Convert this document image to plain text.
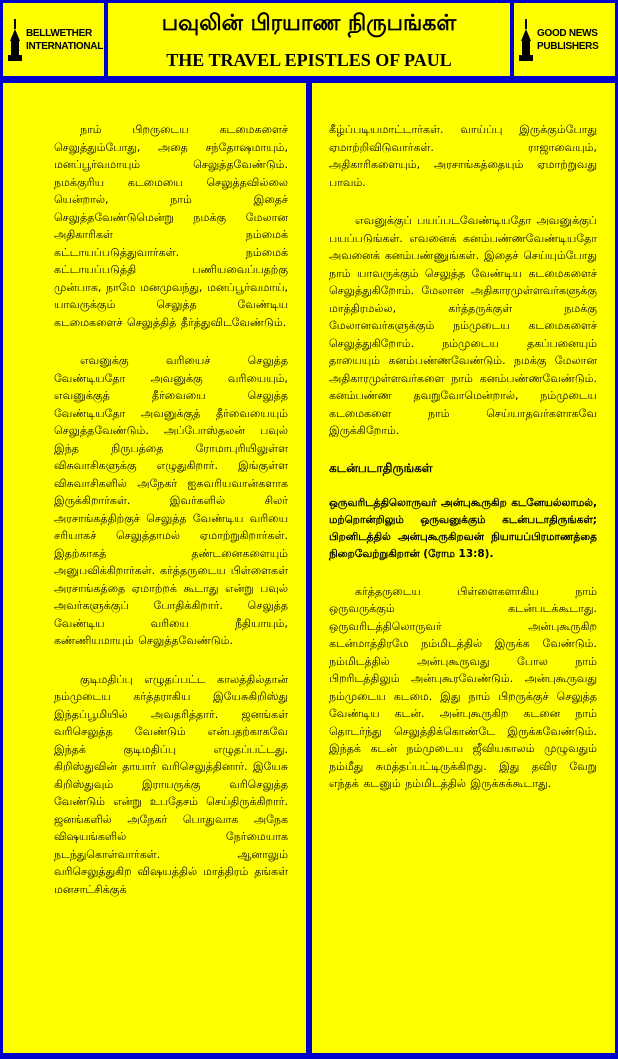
BELLWETHER
INTERNATIONAL
பவுலின் பிரயாண நிருபங்கள்
THE TRAVEL EPISTLES OF PAUL
GOOD NEWS
PUBLISHERS

நாம் பிறருடைய கடமைகளைச் செலுத்தும்போது, அதை சந்தோஷமாயும், மனப்பூர்வமாயும் செலுத்தவேண்டும். நமக்குரிய கடமையை செலுத்தவில்லை யென்றால், நாம் இதைச் செலுத்தவேண்டுமென்று நமக்கு மேலான அதிகாரிகள் நம்மைக் கட்டாயப்படுத்துவார்கள். நம்மைக் கட்டாயப்படுத்தி பணியவைப்பதற்கு முன்பாக, நாமே மனமுவந்து, மனப்பூர்வமாய், யாவருக்கும் செலுத்த வேண்டிய கடமைகளைச் செலுத்தித் தீர்த்துவிடவேண்டும்.

எவனுக்கு வரியைச் செலுத்த வேண்டியதோ அவனுக்கு வரியையும், எவனுக்குத் தீர்வையை செலுத்த வேண்டியதோ அவனுக்குத் தீர்வையையும் செலுத்தவேண்டும். அப்போஸ்தலன் பவுல் இந்த நிருபத்தை ரோமாபுரியிலுள்ள விசுவாசிகளுக்கு எழுதுகிறார். இங்குள்ள விசுவாசிகளில் அநேகர் ஐசுவரியவான்களாக இருக்கிறார்கள். இவர்களில் சிலர் அரசாங்கத்திற்குச் செலுத்த வேண்டிய வரியை சரியாகச் செலுத்தாமல் ஏமாற்றுகிறார்கள். இதற்காகத் தண்டனைகளையும் அனுபவிக்கிறார்கள். கர்த்தருடைய பிள்ளைகள் அரசாங்கத்தை ஏமாற்றக் கூடாது என்று பவுல் அவர்களுக்குப் போதிக்கிறார். செலுத்த வேண்டிய வரியை நீதியாயும், கண்ணியமாயும் செலுத்தவேண்டும்.

குடிமதிப்பு எழுதப்பட்ட காலத்தில்தான் நம்முடைய கர்த்தராகிய இயேசுகிறிஸ்து இந்தப்பூமியில் அவதரித்தார். ஜனங்கள் வரிசெலுத்த வேண்டும் என்பதற்காகவே இந்தக் குடிமதிப்பு எழுதப்பட்டது. கிறிஸ்துவின் தாயார் வரிசெலுத்தினார். இயேசு கிறிஸ்துவும் இராயருக்கு வரிசெலுத்த வேண்டும் என்று உபதேசம் செய்திருக்கிறார். ஜனங்களில் அநேகர் பொதுவாக அநேக விஷயங்களில் நேர்மையாக நடந்துகொள்வார்கள். ஆனாலும் வரிசெலுத்துகிற விஷயத்தில் மாத்திரம் தங்கள் மனசாட்சிக்குக்

கீழ்ப்படியமாட்டார்கள். வாய்ப்பு இருக்கும்போது ஏமாற்றிவிடுவார்கள். ராஜாவையும், அதிகாரிகளையும், அரசாங்கத்தையும் ஏமாற்றுவது பாவம்.

எவனுக்குப் பயப்படவேண்டியதோ அவனுக்குப் பயப்படுங்கள். எவனைக் கனம்பண்ணவேண்டியதோ அவனைக் கனம்பண்ணுங்கள். இதைச் செய்யும்போது நாம் யாவருக்கும் செலுத்த வேண்டிய கடமைகளைச் செலுத்துகிறோம். மேலான அதிகாரமுள்ளவர்களுக்கு மாத்திரமல்ல, கர்த்தருக்குள் நமக்கு மேலானவர்களுக்கும் நம்முடைய கடமைகளைச் செலுத்துகிறோம். நம்முடைய தகப்பனையும் தாயையும் கனம்பண்ணவேண்டும். நமக்கு மேலான அதிகாரமுள்ளவர்களை நாம் கனம்பண்ணவேண்டும். கனம்பண்ண தவறுவோமென்றால், நம்முடைய கடமைகளை நாம் செய்யாதவர்களாகவே இருக்கிறோம்.

கடன்படாதிருங்கள்

ஒருவரிடத்திலொருவர் அன்புகூருகிற கடனேயல்லாமல், மற்றொன்றிலும் ஒருவனுக்கும் கடன்படாதிருங்கள்; பிறனிடத்தில் அன்புகூருகிறவன் நியாயப்பிரமாணத்தை நிறைவேற்றுகிறான் (ரோம 13:8).

கர்த்தருடைய பிள்ளைகளாகிய நாம் ஒருவருக்கும் கடன்படக்கூடாது. ஒருவரிடத்திலொருவர் அன்புகூருகிற கடன்மாத்திரமே நம்மிடத்தில் இருக்க வேண்டும். நம்மிடத்தில் அன்புகூருவது போல நாம் பிறரிடத்திலும் அன்புகூரவேண்டும். அன்புகூருவது நம்முடைய கடமை. இது நாம் பிறருக்குச் செலுத்த வேண்டிய கடன். அன்புகூருகிற கடனை நாம் தொடர்ந்து செலுத்திக்கொண்டே இருக்கவேண்டும். இந்தக் கடன் நம்முடைய ஜீவியகாலம் முழுவதும் நம்மீது சுமத்தப்பட்டிருக்கிறது. இது தவிர வேறு எந்தக் கடனும் நம்மிடத்தில் இருக்கக்கூடாது.
